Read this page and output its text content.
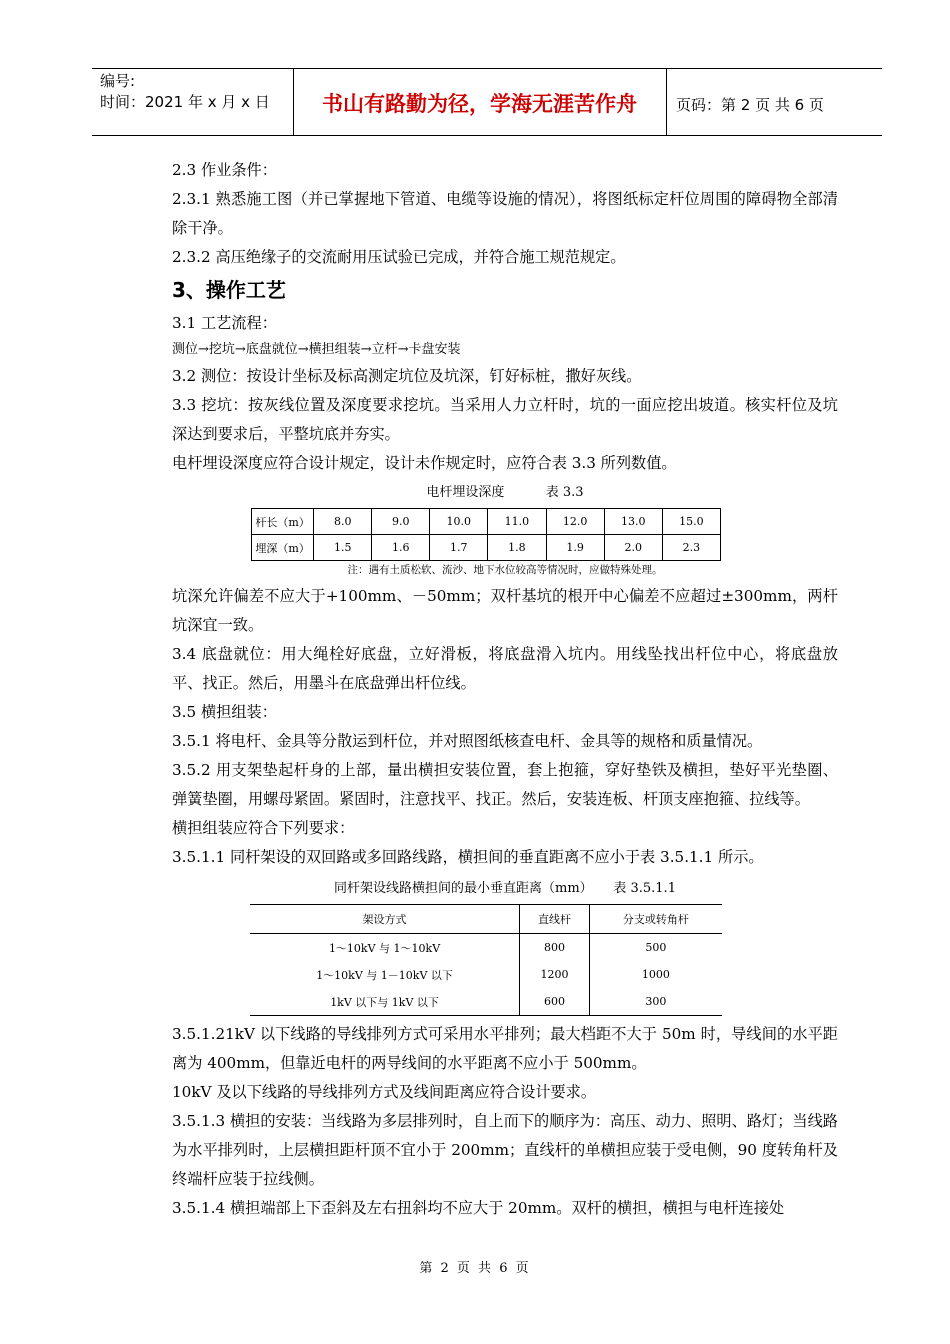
编号:
时间：2021 年 x 月 x 日	书山有路勤为径，学海无涯苦作舟	页码：第 2 页 共 6 页

2.3 作业条件：

2.3.1 熟悉施工图（并已掌握地下管道、电缆等设施的情况），将图纸标定杆位周围的障碍物全部清除干净。

2.3.2 高压绝缘子的交流耐用压试验已完成，并符合施工规范规定。

3、操作工艺

3.1 工艺流程：

测位→挖坑→底盘就位→横担组装→立杆→卡盘安装

3.2 测位：按设计坐标及标高测定坑位及坑深，钉好标桩，撒好灰线。

3.3 挖坑：按灰线位置及深度要求挖坑。当采用人力立杆时，坑的一面应挖出坡道。核实杆位及坑深达到要求后，平整坑底并夯实。

电杆埋设深度应符合设计规定，设计未作规定时，应符合表 3.3 所列数值。

电杆埋设深度          表 3.3
杆长（m）	8.0	9.0	10.0	11.0	12.0	13.0	15.0
埋深（m）	1.5	1.6	1.7	1.8	1.9	2.0	2.3
注：遇有土质松软、流沙、地下水位较高等情况时，应做特殊处理。

坑深允许偏差不应大于+100mm、－50mm；双杆基坑的根开中心偏差不应超过±300mm，两杆坑深宜一致。

3.4 底盘就位：用大绳栓好底盘，立好滑板，将底盘滑入坑内。用线坠找出杆位中心，将底盘放平、找正。然后，用墨斗在底盘弹出杆位线。

3.5 横担组装：

3.5.1 将电杆、金具等分散运到杆位，并对照图纸核查电杆、金具等的规格和质量情况。

3.5.2 用支架垫起杆身的上部，量出横担安装位置，套上抱箍，穿好垫铁及横担，垫好平光垫圈、弹簧垫圈，用螺母紧固。紧固时，注意找平、找正。然后，安装连板、杆顶支座抱箍、拉线等。

横担组装应符合下列要求：

3.5.1.1 同杆架设的双回路或多回路线路，横担间的垂直距离不应小于表 3.5.1.1 所示。

同杆架设线路横担间的最小垂直距离（mm）     表 3.5.1.1
架设方式	直线杆	分支或转角杆
1～10kV 与 1～10kV	800	500
1～10kV 与 1－10kV 以下	1200	1000
1kV 以下与 1kV 以下	600	300

3.5.1.21kV 以下线路的导线排列方式可采用水平排列；最大档距不大于 50m 时，导线间的水平距离为 400mm，但靠近电杆的两导线间的水平距离不应小于 500mm。

10kV 及以下线路的导线排列方式及线间距离应符合设计要求。

3.5.1.3 横担的安装：当线路为多层排列时，自上而下的顺序为：高压、动力、照明、路灯；当线路为水平排列时，上层横担距杆顶不宜小于 200mm；直线杆的单横担应装于受电侧，90 度转角杆及终端杆应装于拉线侧。

3.5.1.4 横担端部上下歪斜及左右扭斜均不应大于 20mm。双杆的横担，横担与电杆连接处

第 2 页 共 6 页
